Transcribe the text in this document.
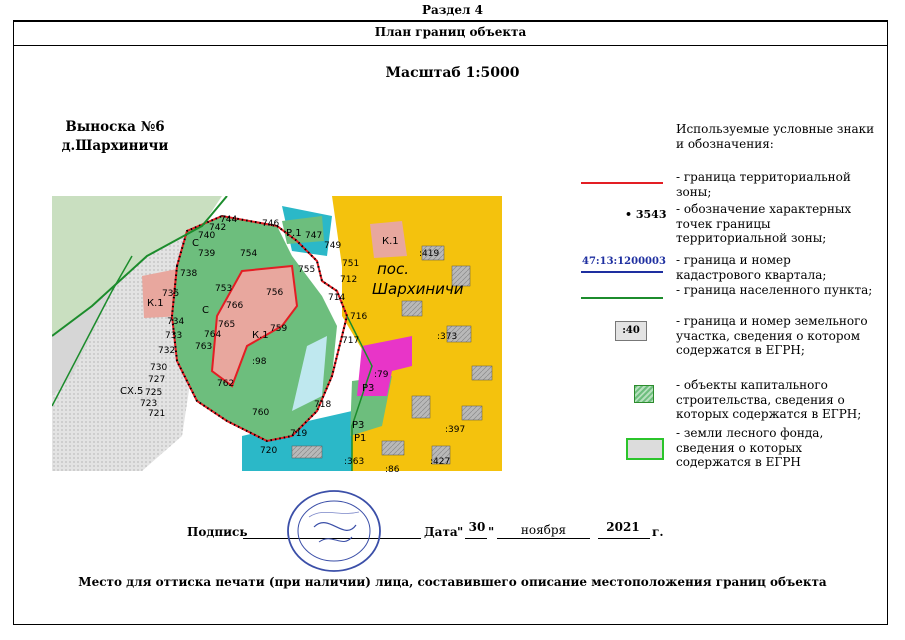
Раздел 4
План границ объекта
Масштаб 1:5000
Выноска №6
д.Шархиничи
744	746
747
742
740
754
749
751
739
755
712
738
753	756	714
735
766
716
734	765	759
733 764
717
763
732
730
762
727
725
723
721
718
760
719
720
К.1
Р.1
С
К.1
С
К.1
Р3
Р3
Р1
СХ.5
:419
:373
:98
:79
:397
:363	:427
:86
пос.
Шархиничи
Используемые условные знаки и обозначения:
- граница территориальной зоны;
• 3543 - обозначение характерных точек границы территориальной зоны;
47:13:1200003 - граница и номер кадастрового квартала;
- граница населенного пункта;
:40
- граница и номер земельного участка, сведения о котором содержатся в ЕГРН;
- объекты капитального строительства, сведения о которых содержатся в ЕГРН;
- земли лесного фонда, сведения о которых содержатся в ЕГРН
Подпись	Дата " 30 "	ноября	2021	г.
Место для оттиска печати (при наличии) лица, составившего описание местоположения границ объекта
